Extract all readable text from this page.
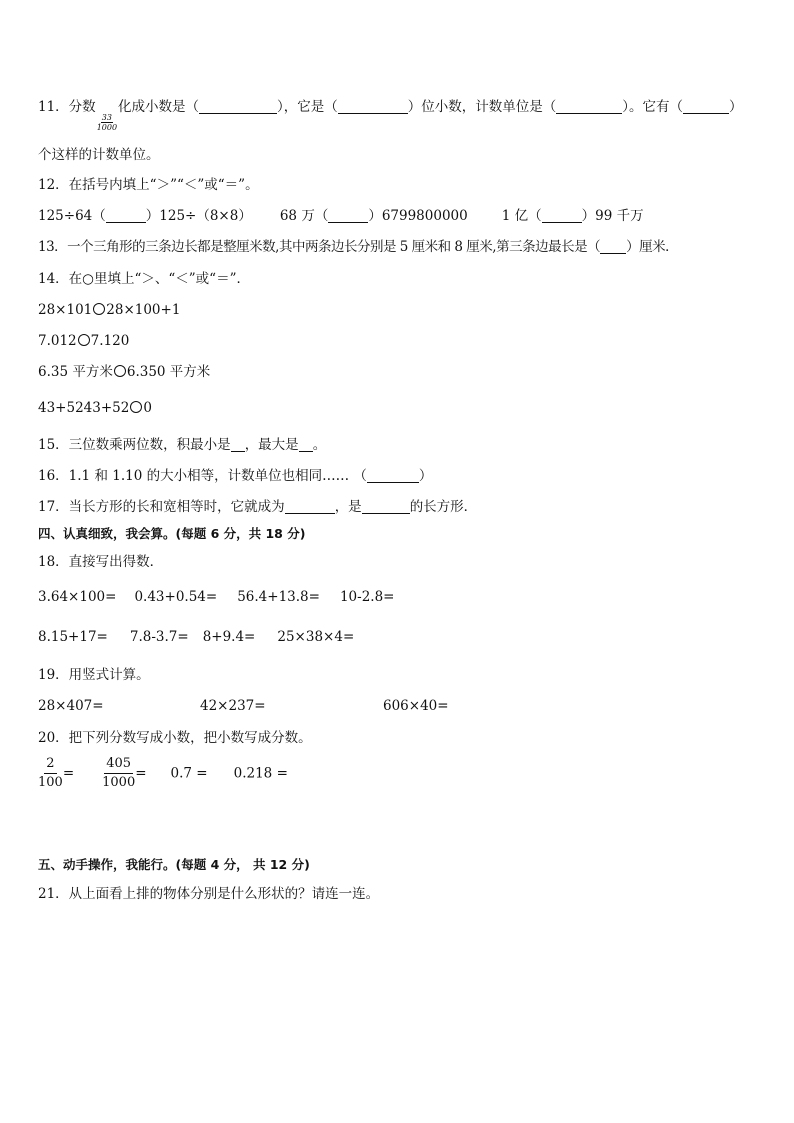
11．分数
$\frac{33}{1000}$
化成小数是（	），它是（	）位小数，计数单位是（	）。它有（	）
个这样的计数单位。
12．在括号内填上“＞”“＜”或“＝”。
125÷64（	）125÷（8×8） 68 万（	）6799800000	1 亿（	）99 千万
13．一个三角形的三条边长都是整厘米数,其中两条边长分别是 5 厘米和 8 厘米,第三条边最长是（ ）厘米．
14．在○里填上“＞、“＜”或“＝”．
28×101 28×100+1
7.012 7.120
6.35 平方米 6.350 平方米
43+5243+52 0
15．三位数乘两位数，积最小是 ，最大是 。
16．1.1 和 1.10 的大小相等，计数单位也相同…… （	）
17．当长方形的长和宽相等时，它就成为	，是	的长方形．
四、认真细致，我会算。(每题 6 分，共 18 分)
18．直接写出得数．
3.64×100= 0.43+0.54= 56.4+13.8= 10-2.8=
8.15+17= 7.8-3.7= 8+9.4= 25×38×4=
19．用竖式计算。
28×407=	42×237=	606×40=
20．把下列分数写成小数，把小数写成分数。
$\frac{2}{100} = \frac{405}{1000} = 0.7 = 0.218$ =
五、动手操作，我能行。(每题 4 分， 共 12 分)
21．从上面看上排的物体分别是什么形状的？请连一连。
